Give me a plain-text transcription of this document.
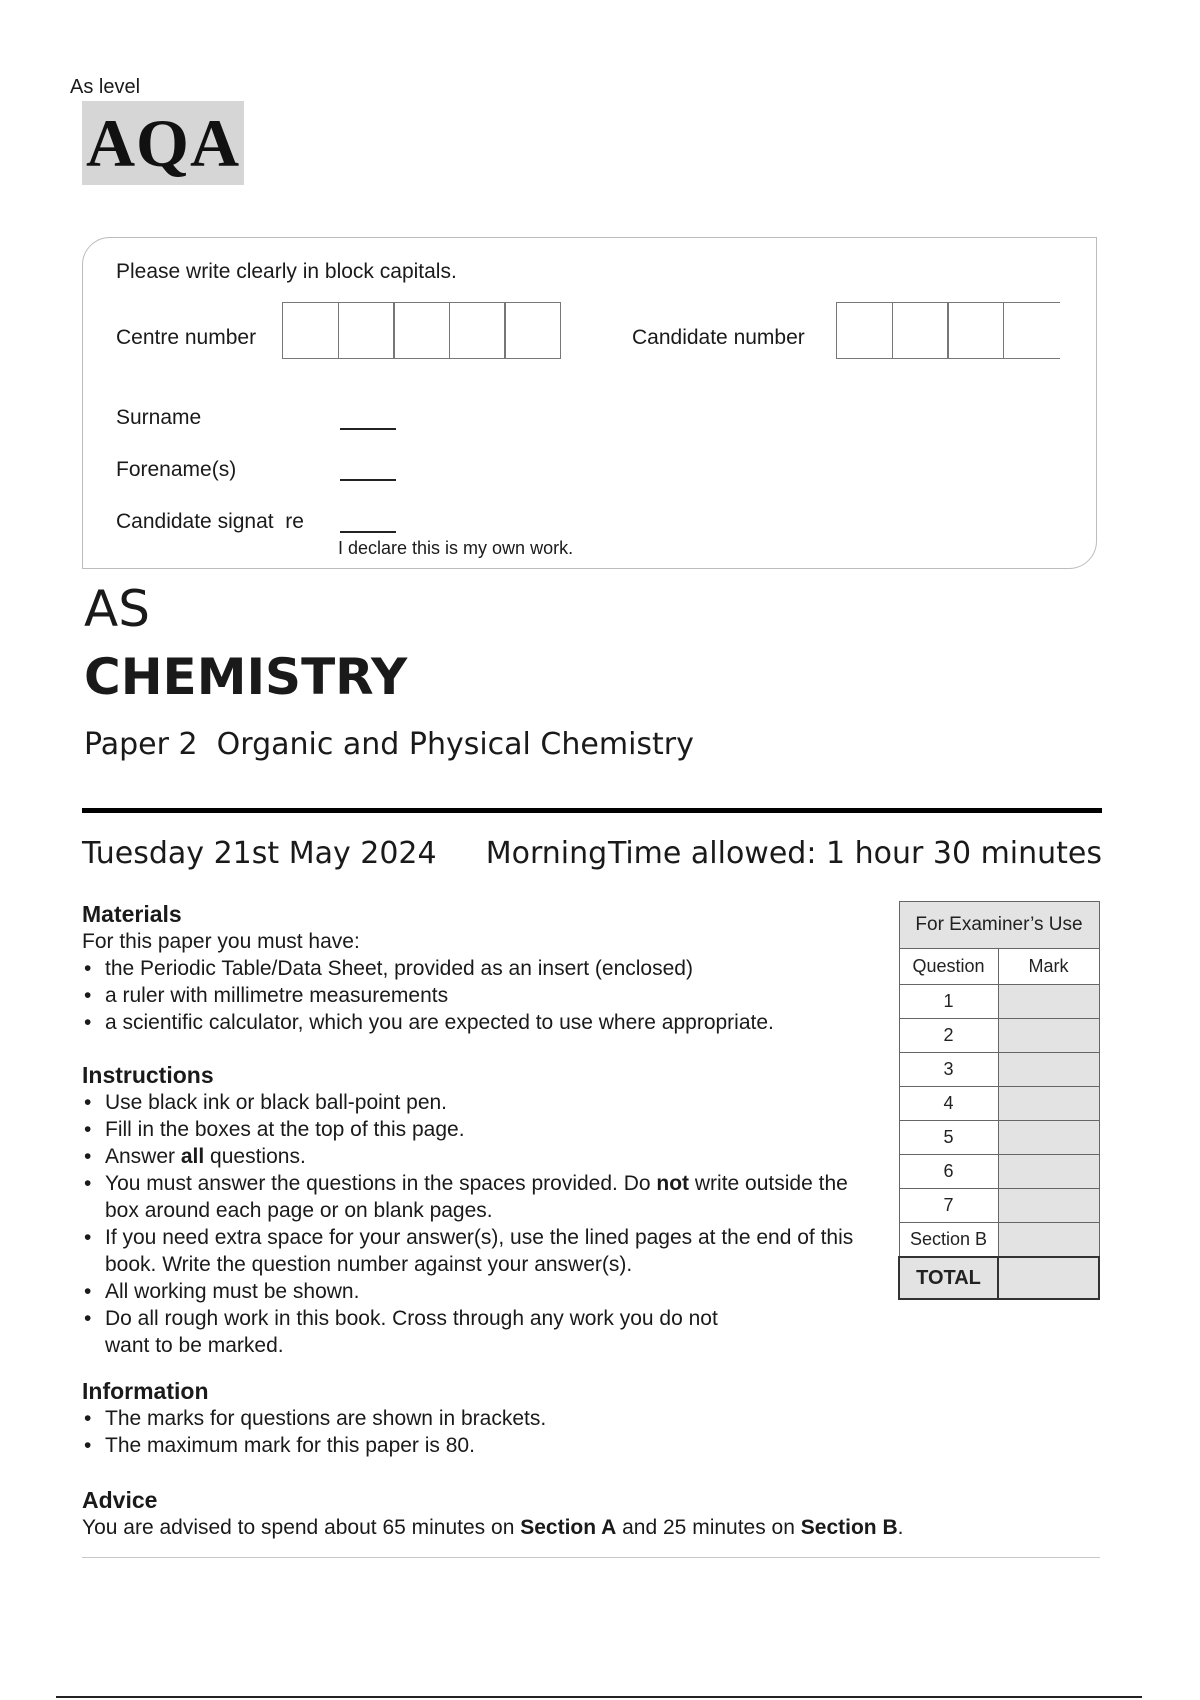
As level
AQA
Please write clearly in block capitals.
Centre number	Candidate number
Surname
Forename(s)
Candidate signat  re
I declare this is my own work.
AS
CHEMISTRY
Paper 2  Organic and Physical Chemistry
Tuesday 21st May 2024 Morning Time allowed: 1 hour 30 minutes
Materials
For this paper you must have:
• the Periodic Table/Data Sheet, provided as an insert (enclosed)
• a ruler with millimetre measurements
• a scientific calculator, which you are expected to use where appropriate.
Instructions
• Use black ink or black ball-point pen.
• Fill in the boxes at the top of this page.
• Answer all questions.
• You must answer the questions in the spaces provided. Do not write outside the box around each page or on blank pages.
• If you need extra space for your answer(s), use the lined pages at the end of this book. Write the question number against your answer(s).
• All working must be shown.
• Do all rough work in this book. Cross through any work you do not want to be marked.
Information
• The marks for questions are shown in brackets.
• The maximum mark for this paper is 80.
Advice
You are advised to spend about 65 minutes on Section A and 25 minutes on Section B.
For Examiner’s Use	
Question	Mark
1	
2	
3	
4	
5	
6	
7	
Section B	
TOTAL	
